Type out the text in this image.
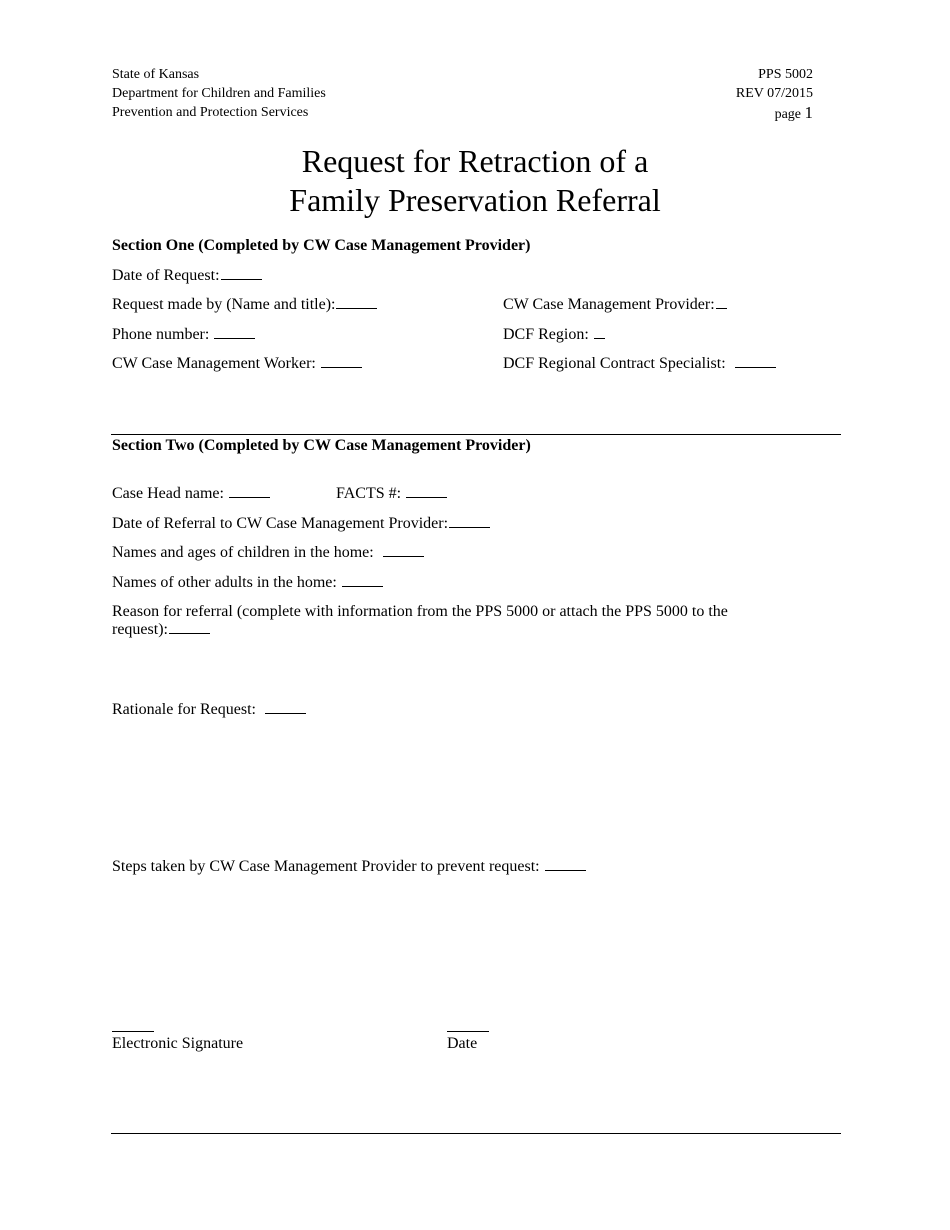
State of Kansas
Department for Children and Families
Prevention and Protection Services
PPS 5002
REV 07/2015
page 1
Request for Retraction of a
Family Preservation Referral
Section One (Completed by CW Case Management Provider)
Date of Request:
Request made by (Name and title):	CW Case Management Provider:
Phone number:	DCF Region:
CW Case Management Worker:	DCF Regional Contract Specialist:
Section Two (Completed by CW Case Management Provider)
Case Head name:	FACTS #:
Date of Referral to CW Case Management Provider:
Names and ages of children in the home:
Names of other adults in the home:
Reason for referral (complete with information from the PPS 5000 or attach the PPS 5000 to the
request):
Rationale for Request:
Steps taken by CW Case Management Provider to prevent request:
Electronic Signature	Date
